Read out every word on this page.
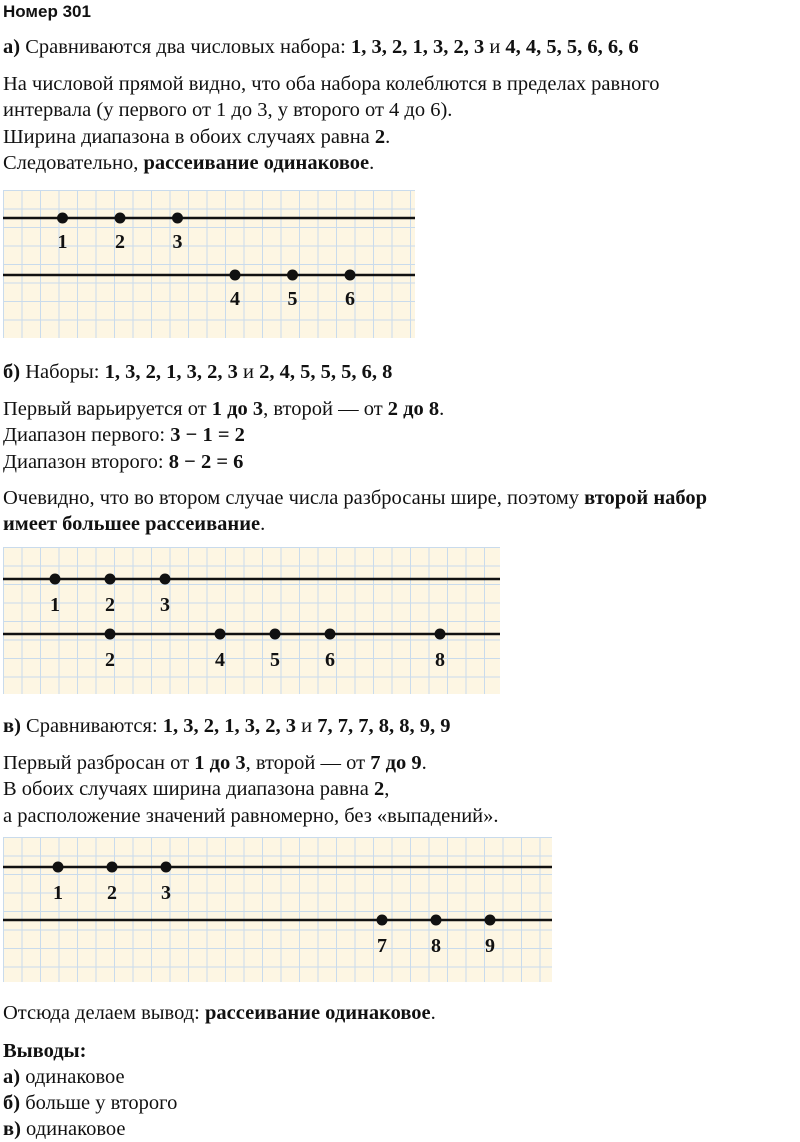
Номер 301
а) Сравниваются два числовых набора: 1, 3, 2, 1, 3, 2, 3 и 4, 4, 5, 5, 6, 6, 6
На числовой прямой видно, что оба набора колеблются в пределах равного
интервала (у первого от 1 до 3, у второго от 4 до 6).
Ширина диапазона в обоих случаях равна 2.
Следовательно, рассеивание одинаковое.
1 2 3
4 5 6
б) Наборы: 1, 3, 2, 1, 3, 2, 3 и 2, 4, 5, 5, 5, 6, 8
Первый варьируется от 1 до 3, второй — от 2 до 8.
Диапазон первого: 3 − 1 = 2
Диапазон второго: 8 − 2 = 6
Очевидно, что во втором случае числа разбросаны шире, поэтому второй набор
имеет большее рассеивание.
1 2 3
2	4 5 6	8
в) Сравниваются: 1, 3, 2, 1, 3, 2, 3 и 7, 7, 7, 8, 8, 9, 9
Первый разбросан от 1 до 3, второй — от 7 до 9.
В обоих случаях ширина диапазона равна 2,
а расположение значений равномерно, без «выпадений».
1 2 3
7 8 9
Отсюда делаем вывод: рассеивание одинаковое.
Выводы:
а) одинаковое
б) больше у второго
в) одинаковое
